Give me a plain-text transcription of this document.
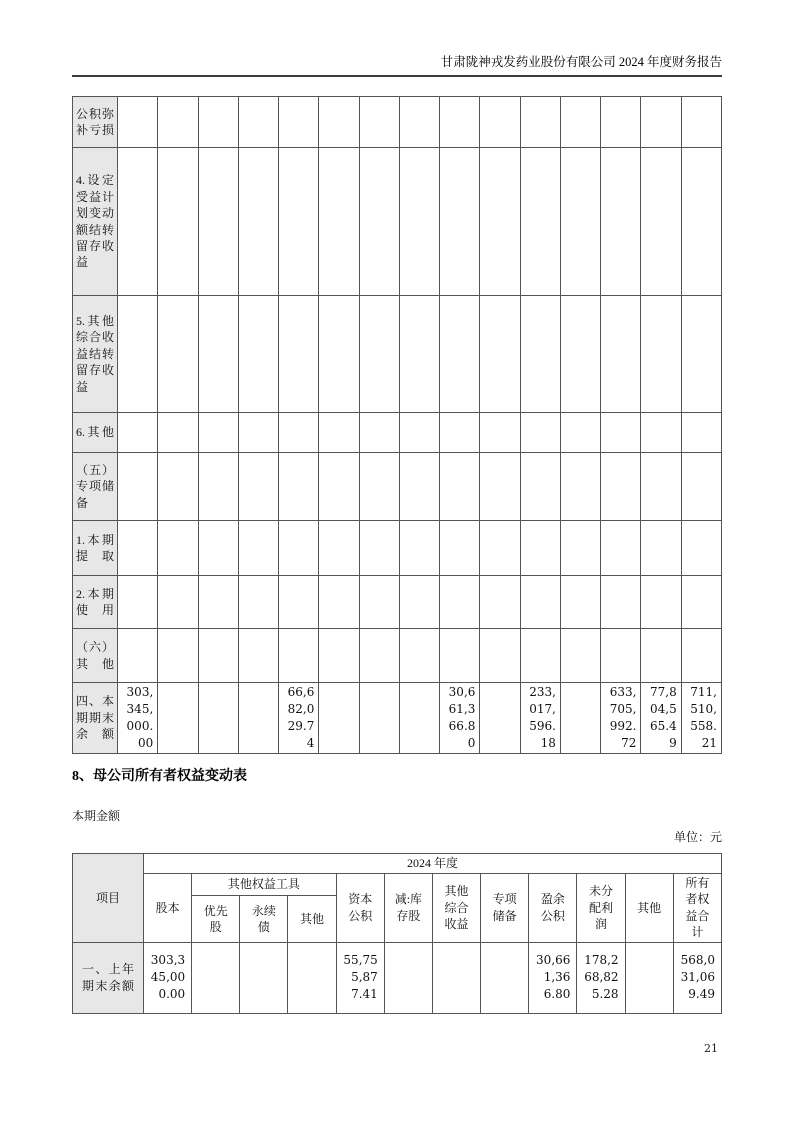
甘肃陇神戎发药业股份有限公司 2024 年度财务报告
公积弥补亏损															
4.设定受益计划变动额结转留存收益															
5.其他综合收益结转留存收益															
6.其他															
（五）专项储备															
1.本期提取															
2.本期使用															
（六）其他															
四、本期期末余额	303,345,000.00				66,682,029.74				30,661,366.80		233,017,596.18		633,705,992.72	77,804,565.49	711,510,558.21
8、母公司所有者权益变动表
本期金额
单位：元
项目	2024 年度											
	股本	其他权益工具			资本公积	减:库存股	其他综合收益	专项储备	盈余公积	未分配利润	其他	所有者权益合计
		优先股	永续债	其他								
一、上年期末余额	303,345,000.00				55,755,877.41				30,661,366.80	178,268,825.28		568,031,069.49
21
